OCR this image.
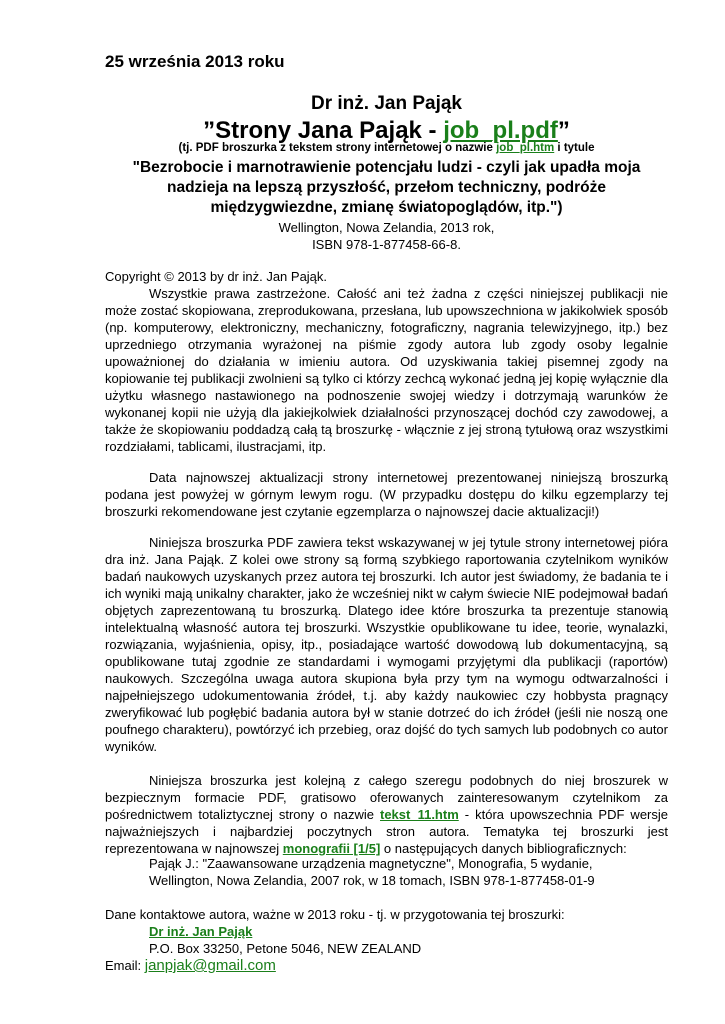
25 września 2013 roku
Dr inż. Jan Pająk
”Strony Jana Pająk - job_pl.pdf”
(tj. PDF broszurka z tekstem strony internetowej o nazwie job_pl.htm i tytule
"Bezrobocie i marnotrawienie potencjału ludzi - czyli jak upadła moja nadzieja na lepszą przyszłość, przełom techniczny, podróże międzygwiezdne, zmianę światopoglądów, itp.")
Wellington, Nowa Zelandia, 2013 rok,
ISBN 978-1-877458-66-8.
Copyright © 2013 by dr inż. Jan Pająk.
Wszystkie prawa zastrzeżone. Całość ani też żadna z części niniejszej publikacji nie może zostać skopiowana, zreprodukowana, przesłana, lub upowszechniona w jakikolwiek sposób (np. komputerowy, elektroniczny, mechaniczny, fotograficzny, nagrania telewizyjnego, itp.) bez uprzedniego otrzymania wyrażonej na piśmie zgody autora lub zgody osoby legalnie upoważnionej do działania w imieniu autora. Od uzyskiwania takiej pisemnej zgody na kopiowanie tej publikacji zwolnieni są tylko ci którzy zechcą wykonać jedną jej kopię wyłącznie dla użytku własnego nastawionego na podnoszenie swojej wiedzy i dotrzymają warunków że wykonanej kopii nie użyją dla jakiejkolwiek działalności przynoszącej dochód czy zawodowej, a także że skopiowaniu poddadzą całą tą broszurkę - włącznie z jej stroną tytułową oraz wszystkimi rozdziałami, tablicami, ilustracjami, itp.
Data najnowszej aktualizacji strony internetowej prezentowanej niniejszą broszurką podana jest powyżej w górnym lewym rogu. (W przypadku dostępu do kilku egzemplarzy tej broszurki rekomendowane jest czytanie egzemplarza o najnowszej dacie aktualizacji!)
Niniejsza broszurka PDF zawiera tekst wskazywanej w jej tytule strony internetowej pióra dra inż. Jana Pająk. Z kolei owe strony są formą szybkiego raportowania czytelnikom wyników badań naukowych uzyskanych przez autora tej broszurki. Ich autor jest świadomy, że badania te i ich wyniki mają unikalny charakter, jako że wcześniej nikt w całym świecie NIE podejmował badań objętych zaprezentowaną tu broszurką. Dlatego idee które broszurka ta prezentuje stanowią intelektualną własność autora tej broszurki. Wszystkie opublikowane tu idee, teorie, wynalazki, rozwiązania, wyjaśnienia, opisy, itp., posiadające wartość dowodową lub dokumentacyjną, są opublikowane tutaj zgodnie ze standardami i wymogami przyjętymi dla publikacji (raportów) naukowych. Szczególna uwaga autora skupiona była przy tym na wymogu odtwarzalności i najpełniejszego udokumentowania źródeł, t.j. aby każdy naukowiec czy hobbysta pragnący zweryfikować lub pogłębić badania autora był w stanie dotrzeć do ich źródeł (jeśli nie noszą one poufnego charakteru), powtórzyć ich przebieg, oraz dojść do tych samych lub podobnych co autor wyników.
Niniejsza broszurka jest kolejną z całego szeregu podobnych do niej broszurek w bezpiecznym formacie PDF, gratisowo oferowanych zainteresowanym czytelnikom za pośrednictwem totaliztycznej strony o nazwie tekst_11.htm - która upowszechnia PDF wersje najważniejszych i najbardziej poczytnych stron autora. Tematyka tej broszurki jest reprezentowana w najnowszej monografii [1/5] o następujących danych bibliograficznych:
Pająk J.: "Zaawansowane urządzenia magnetyczne", Monografia, 5 wydanie,
Wellington, Nowa Zelandia, 2007 rok, w 18 tomach, ISBN 978-1-877458-01-9
Dane kontaktowe autora, ważne w 2013 roku - tj. w przygotowania tej broszurki:
Dr inż. Jan Pająk
P.O. Box 33250, Petone 5046, NEW ZEALAND
Email: janpjak@gmail.com
